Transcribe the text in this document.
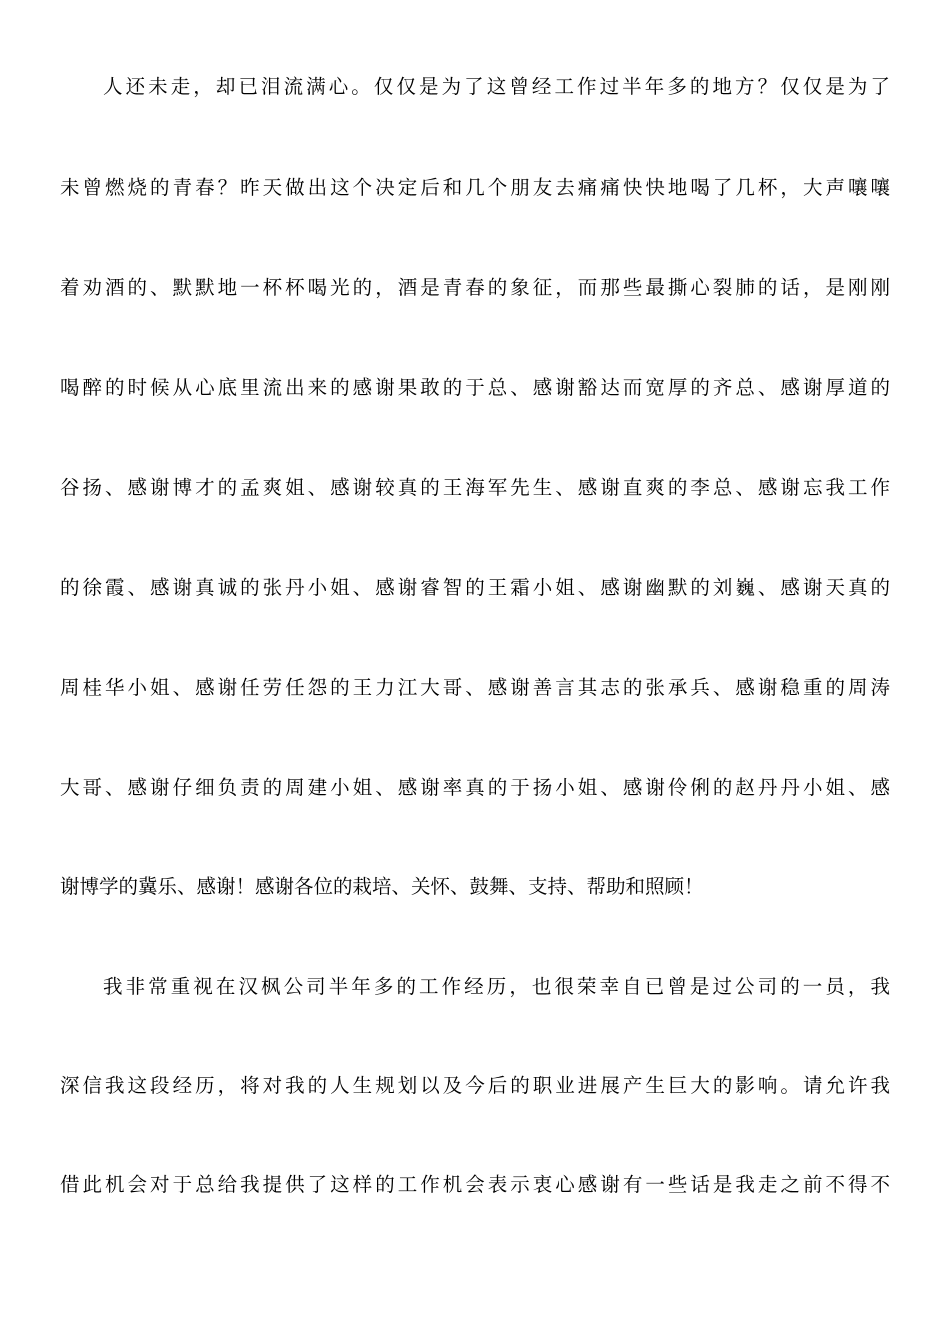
人还未走，却已泪流满心。仅仅是为了这曾经工作过半年多的地方？仅仅是为了
未曾燃烧的青春？昨天做出这个决定后和几个朋友去痛痛快快地喝了几杯，大声嚷嚷
着劝酒的、默默地一杯杯喝光的，酒是青春的象征，而那些最撕心裂肺的话，是刚刚
喝醉的时候从心底里流出来的感谢果敢的于总、感谢豁达而宽厚的齐总、感谢厚道的
谷扬、感谢博才的孟爽姐、感谢较真的王海军先生、感谢直爽的李总、感谢忘我工作
的徐霞、感谢真诚的张丹小姐、感谢睿智的王霜小姐、感谢幽默的刘巍、感谢天真的
周桂华小姐、感谢任劳任怨的王力江大哥、感谢善言其志的张承兵、感谢稳重的周涛
大哥、感谢仔细负责的周建小姐、感谢率真的于扬小姐、感谢伶俐的赵丹丹小姐、感
谢博学的冀乐、感谢！感谢各位的栽培、关怀、鼓舞、支持、帮助和照顾！
我非常重视在汉枫公司半年多的工作经历，也很荣幸自已曾是过公司的一员，我
深信我这段经历，将对我的人生规划以及今后的职业进展产生巨大的影响。请允许我
借此机会对于总给我提供了这样的工作机会表示衷心感谢有一些话是我走之前不得不
